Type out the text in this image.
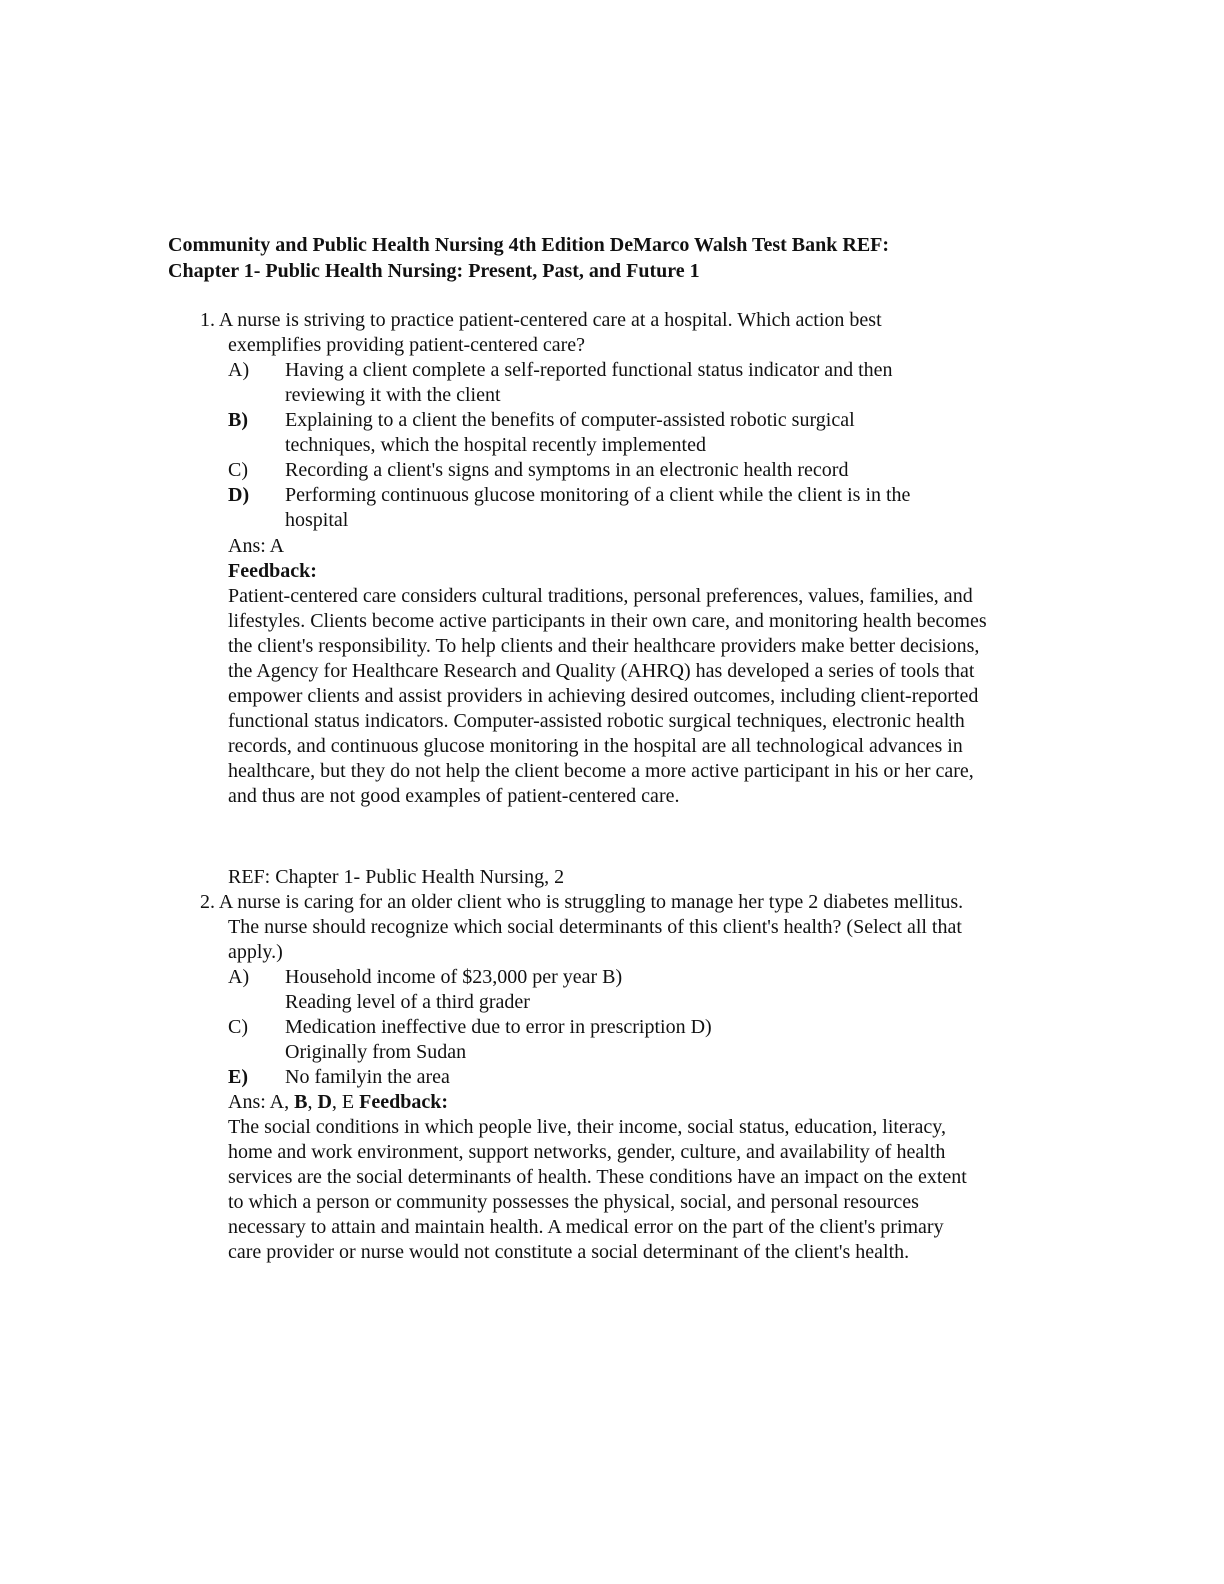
Community and Public Health Nursing 4th Edition DeMarco Walsh Test Bank REF:
Chapter 1- Public Health Nursing: Present, Past, and Future 1
1. A nurse is striving to practice patient-centered care at a hospital. Which action best
exemplifies providing patient-centered care?
A) Having a client complete a self-reported functional status indicator and then
reviewing it with the client
B) Explaining to a client the benefits of computer-assisted robotic surgical
techniques, which the hospital recently implemented
C) Recording a client's signs and symptoms in an electronic health record
D) Performing continuous glucose monitoring of a client while the client is in the
hospital
Ans: A
Feedback:
Patient-centered care considers cultural traditions, personal preferences, values, families, and
lifestyles. Clients become active participants in their own care, and monitoring health becomes
the client's responsibility. To help clients and their healthcare providers make better decisions,
the Agency for Healthcare Research and Quality (AHRQ) has developed a series of tools that
empower clients and assist providers in achieving desired outcomes, including client-reported
functional status indicators. Computer-assisted robotic surgical techniques, electronic health
records, and continuous glucose monitoring in the hospital are all technological advances in
healthcare, but they do not help the client become a more active participant in his or her care,
and thus are not good examples of patient-centered care.
REF: Chapter 1- Public Health Nursing, 2
2. A nurse is caring for an older client who is struggling to manage her type 2 diabetes mellitus.
The nurse should recognize which social determinants of this client's health? (Select all that
apply.)
A) Household income of $23,000 per year B)
Reading level of a third grader
C) Medication ineffective due to error in prescription D)
Originally from Sudan
E) No familyin the area
Ans: A, B, D, E Feedback:
The social conditions in which people live, their income, social status, education, literacy,
home and work environment, support networks, gender, culture, and availability of health
services are the social determinants of health. These conditions have an impact on the extent
to which a person or community possesses the physical, social, and personal resources
necessary to attain and maintain health. A medical error on the part of the client's primary
care provider or nurse would not constitute a social determinant of the client's health.
